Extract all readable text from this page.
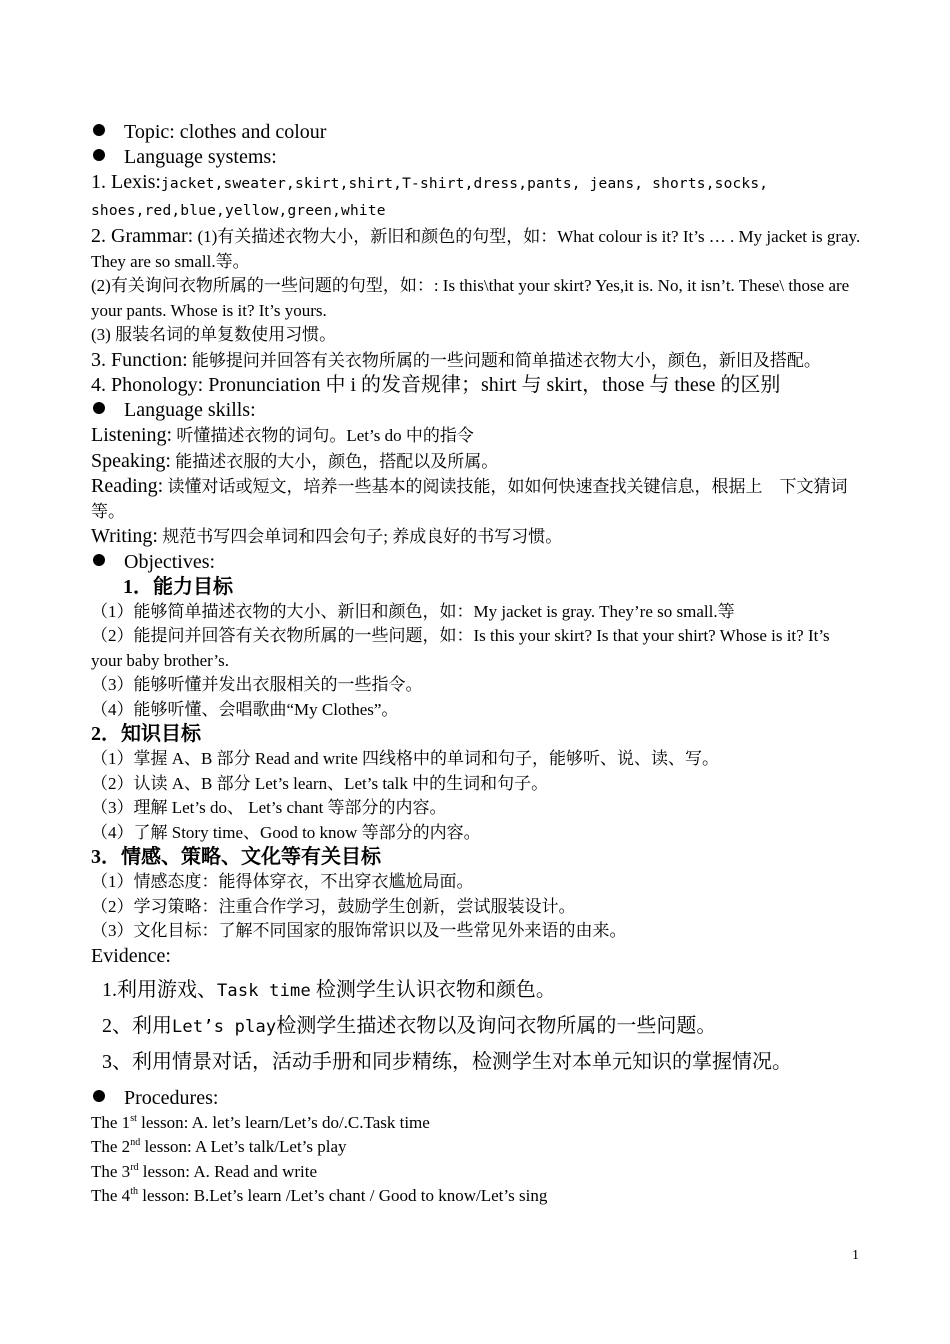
Topic: clothes and colour
Language systems:
1. Lexis:jacket,sweater,skirt,shirt,T-shirt,dress,pants, jeans, shorts,socks,
shoes,red,blue,yellow,green,white
2. Grammar: (1)有关描述衣物大小，新旧和颜色的句型，如：What colour is it? It’s … . My jacket is gray. They are so small.等。
(2)有关询问衣物所属的一些问题的句型，如：: Is this\that your skirt? Yes,it is. No, it isn’t. These\ those are your pants. Whose is it? It’s yours.
(3) 服装名词的单复数使用习惯。
3. Function: 能够提问并回答有关衣物所属的一些问题和简单描述衣物大小，颜色，新旧及搭配。
4. Phonology: Pronunciation 中 i 的发音规律；shirt 与 skirt，those 与 these 的区别
Language skills:
Listening: 听懂描述衣物的词句。Let’s do 中的指令
Speaking: 能描述衣服的大小，颜色，搭配以及所属。
Reading: 读懂对话或短文，培养一些基本的阅读技能，如如何快速查找关键信息，根据上　下文猜词等。
Writing: 规范书写四会单词和四会句子; 养成良好的书写习惯。
Objectives:
1．能力目标
（1）能够简单描述衣物的大小、新旧和颜色，如：My jacket is gray. They’re so small.等
（2）能提问并回答有关衣物所属的一些问题，如：Is this your skirt? Is that your shirt? Whose is it? It’s your baby brother’s.
（3）能够听懂并发出衣服相关的一些指令。
（4）能够听懂、会唱歌曲“My Clothes”。
2．知识目标
（1）掌握 A、B 部分 Read and write 四线格中的单词和句子，能够听、说、读、写。
（2）认读 A、B 部分 Let’s learn、Let’s talk 中的生词和句子。
（3）理解 Let’s do、 Let’s chant 等部分的内容。
（4）了解 Story time、Good to know 等部分的内容。
3．情感、策略、文化等有关目标
（1）情感态度：能得体穿衣，不出穿衣尴尬局面。
（2）学习策略：注重合作学习，鼓励学生创新，尝试服装设计。
（3）文化目标：了解不同国家的服饰常识以及一些常见外来语的由来。
Evidence:
1.利用游戏、Task time 检测学生认识衣物和颜色。
2、利用Let’s play检测学生描述衣物以及询问衣物所属的一些问题。
3、利用情景对话，活动手册和同步精练，检测学生对本单元知识的掌握情况。
Procedures:
The 1st lesson: A. let’s learn/Let’s do/.C.Task time
The 2nd lesson: A Let’s talk/Let’s play
The 3rd lesson: A. Read and write
The 4th lesson: B.Let’s learn /Let’s chant / Good to know/Let’s sing
1
